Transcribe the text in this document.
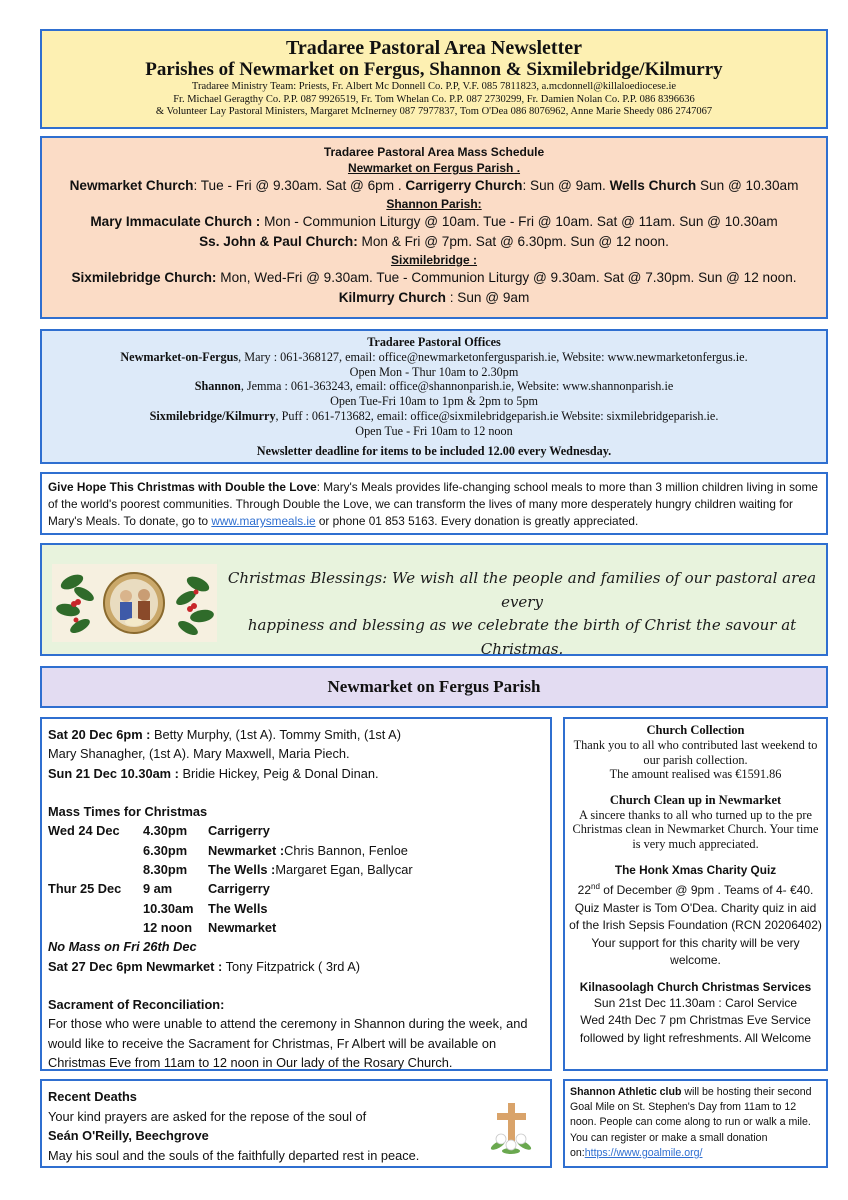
Tradaree Pastoral Area Newsletter
Parishes of Newmarket on Fergus, Shannon & Sixmilebridge/Kilmurry
Tradaree Ministry Team: Priests, Fr. Albert Mc Donnell Co. P.P, V.F. 085 7811823, a.mcdonnell@killaloediocese.ie
Fr. Michael Geragthy Co. P.P. 087 9926519, Fr. Tom Whelan Co. P.P. 087 2730299, Fr. Damien Nolan Co. P.P. 086 8396636
& Volunteer Lay Pastoral Ministers, Margaret McInerney 087 7977837, Tom O'Dea 086 8076962, Anne Marie Sheedy 086 2747067
Tradaree Pastoral Area Mass Schedule
Newmarket on Fergus Parish .
Newmarket Church: Tue - Fri @ 9.30am. Sat @ 6pm . Carrigerry Church: Sun @ 9am. Wells Church Sun @ 10.30am
Shannon Parish:
Mary Immaculate Church : Mon - Communion Liturgy @ 10am. Tue - Fri @ 10am. Sat @ 11am. Sun @ 10.30am
Ss. John & Paul Church: Mon & Fri @ 7pm. Sat @ 6.30pm. Sun @ 12 noon.
Sixmilebridge :
Sixmilebridge Church: Mon, Wed-Fri @ 9.30am. Tue - Communion Liturgy @ 9.30am. Sat @ 7.30pm. Sun @ 12 noon.
Kilmurry Church : Sun @ 9am
Tradaree Pastoral Offices
Newmarket-on-Fergus, Mary : 061-368127, email: office@newmarketonfergusparish.ie, Website: www.newmarketonfergus.ie.
Open Mon - Thur 10am to 2.30pm
Shannon, Jemma : 061-363243, email: office@shannonparish.ie, Website: www.shannonparish.ie
Open Tue-Fri 10am to 1pm & 2pm to 5pm
Sixmilebridge/Kilmurry, Puff : 061-713682, email: office@sixmilebridgeparish.ie Website: sixmilebridgeparish.ie.
Open Tue - Fri 10am to 12 noon
Newsletter deadline for items to be included 12.00 every Wednesday.
Give Hope This Christmas with Double the Love: Mary's Meals provides life-changing school meals to more than 3 million children living in some of the world's poorest communities. Through Double the Love, we can transform the lives of many more desperately hungry children waiting for Mary's Meals. To donate, go to www.marysmeals.ie or phone 01 853 5163. Every donation is greatly appreciated.
Christmas Blessings: We wish all the people and families of our pastoral area every
happiness and blessing as we celebrate the birth of Christ the savour at Christmas.
Newmarket on Fergus Parish
Sat 20 Dec 6pm : Betty Murphy, (1st A). Tommy Smith, (1st A)
Mary Shanagher, (1st A). Mary Maxwell, Maria Piech.
Sun 21 Dec 10.30am : Bridie Hickey, Peig & Donal Dinan.
Mass Times for Christmas
Wed 24 Dec	4.30pm	Carrigerry
6.30pm	Newmarket : Chris Bannon, Fenloe
8.30pm	The Wells : Margaret Egan, Ballycar
Thur 25 Dec	9 am	Carrigerry
10.30am	The Wells
12 noon	Newmarket
No Mass on Fri 26th Dec
Sat 27 Dec 6pm Newmarket : Tony Fitzpatrick ( 3rd A)
Sacrament of Reconciliation:
For those who were unable to attend the ceremony in Shannon during the week, and would like to receive the Sacrament for Christmas, Fr Albert will be available on Christmas Eve from 11am to 12 noon in Our lady of the Rosary Church.
Church Collection
Thank you to all who contributed last weekend to our parish collection.
The amount realised was €1591.86
Church Clean up in Newmarket
A sincere thanks to all who turned up to the pre Christmas clean in Newmarket Church. Your time is very much appreciated.
The Honk Xmas Charity Quiz
22nd of December @ 9pm . Teams of 4- €40. Quiz Master is Tom O'Dea. Charity quiz in aid of the Irish Sepsis Foundation (RCN 20206402) Your support for this charity will be very welcome.
Kilnasoolagh Church Christmas Services
Sun 21st Dec 11.30am : Carol Service
Wed 24th Dec 7 pm Christmas Eve Service
followed by light refreshments. All Welcome
Recent Deaths
Your kind prayers are asked for the repose of the soul of
Seán O'Reilly, Beechgrove
May his soul and the souls of the faithfully departed rest in peace.
Shannon Athletic club will be hosting their second Goal Mile on St. Stephen's Day from 11am to 12 noon. People can come along to run or walk a mile. You can register or make a small donation on:https://www.goalmile.org/
